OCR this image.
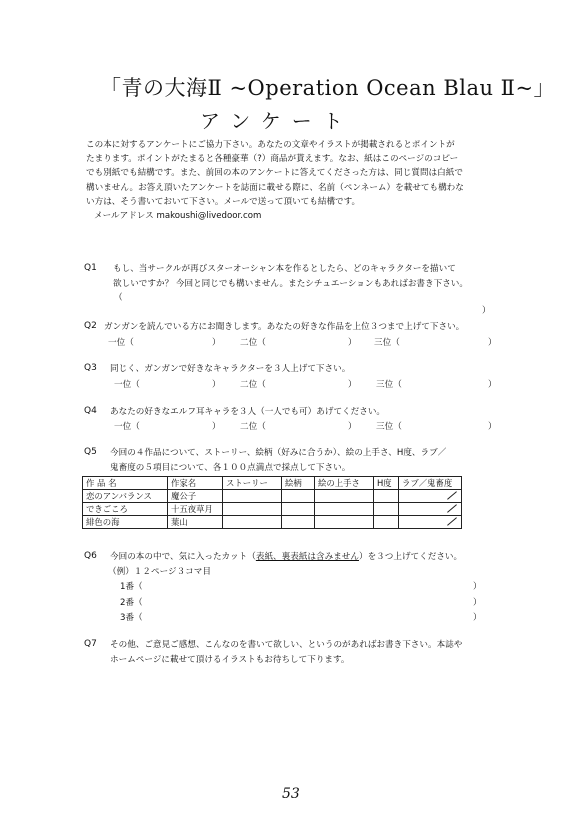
「青の大海Ⅱ ~Operation Ocean Blau Ⅱ~」
アンケート

この本に対するアンケートにご協力下さい。あなたの文章やイラストが掲載されるとポイントが

たまります。ポイントがたまると各種豪華（?）商品が貰えます。なお、紙はこのページのコピー

でも別紙でも結構です。また、前回の本のアンケートに答えてくださった方は、同じ質問は白紙で

構いません。お答え頂いたアンケートを誌面に載せる際に、名前（ペンネーム）を載せても構わな

い方は、そう書いておいて下さい。メールで送って頂いても結構です。

メールアドレス makoushi@livedoor.com

Q1 もし、当サークルが再びスターオーシャン本を作るとしたら、どのキャラクターを描いて
欲しいですか？ 今回と同じでも構いません。またシチュエーションもあればお書き下さい。
（
）
Q2 ガンガンを読んでいる方にお聞きします。あなたの好きな作品を上位３つまで上げて下さい。
一位（	） 二位（	） 三位（	）
Q3 同じく、ガンガンで好きなキャラクターを３人上げて下さい。
一位（	） 二位（	） 三位（	）
Q4 あなたの好きなエルフ耳キャラを３人（一人でも可）あげてください。
一位（	） 二位（	） 三位（	）
Q5 今回の４作品について、ストーリー、絵柄（好みに合うか）、絵の上手さ、H度、ラブ／
鬼畜度の５項目について、各１００点満点で採点して下さい。
作 品 名	作家名	ストーリー	絵柄	絵の上手さ	H度	ラブ／鬼畜度
恋のアンバランス	魔公子					
できごころ	十五夜草月					
緋色の海	葉山					
Q6 今回の本の中で、気に入ったカット（表紙、裏表紙は含みません）を３つ上げてください。
（例）１２ページ３コマ目
1番（	）
2番（	）
3番（	）
Q7 その他、ご意見ご感想、こんなのを書いて欲しい、というのがあればお書き下さい。本誌や
ホームページに載せて頂けるイラストもお待ちして下ります。
53
